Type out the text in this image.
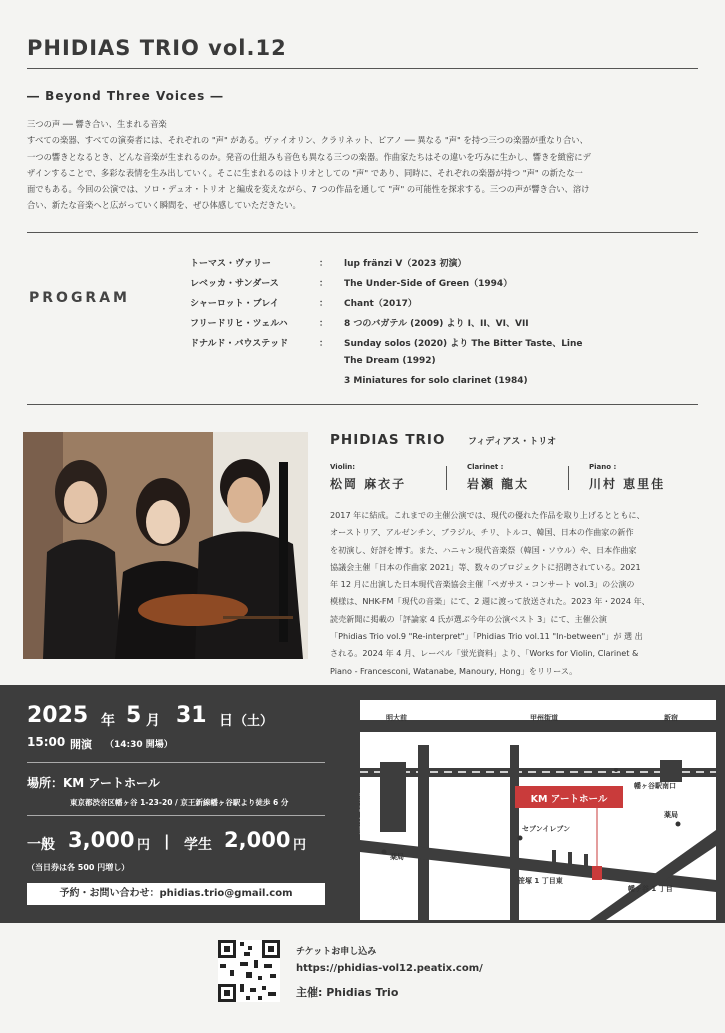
PHIDIAS TRIO vol.12
― Beyond Three Voices ―
三つの声 ── 響き合い、生まれる音楽
すべての楽器、すべての演奏者には、それぞれの "声" がある。ヴァイオリン、クラリネット、ピアノ ── 異なる "声" を持つ三つの楽器が重なり合い、
一つの響きとなるとき、どんな音楽が生まれるのか。発音の仕組みも音色も異なる三つの楽器。作曲家たちはその違いを巧みに生かし、響きを緻密にデ
ザインすることで、多彩な表情を生み出していく。そこに生まれるのはトリオとしての "声" であり、同時に、それぞれの楽器が持つ "声" の新たな一
面でもある。今回の公演では、ソロ・デュオ・トリオ と編成を変えながら、7 つの作品を通して "声" の可能性を探求する。三つの声が響き合い、溶け
合い、新たな音楽へと広がっていく瞬間を、ぜひ体感していただきたい。
PROGRAM
トーマス・ヴァリー	： lup fränzi V（2023 初演）
レベッカ・サンダース	： The Under-Side of Green（1994）
シャーロット・ブレイ	： Chant（2017）
フリードリヒ・ツェルハ	： 8 つのバガテル (2009) より I、II、VI、VII
ドナルド・バウステッド	： Sunday solos (2020) より The Bitter Taste、Line
The Dream (1992)
3 Miniatures for solo clarinet (1984)
PHIDIAS TRIO	フィディアス・トリオ
Violin:
松岡 麻衣子
Clarinet :
岩瀬 龍太
Piano :
川村 恵里佳
2017 年に結成。これまでの主催公演では、現代の優れた作品を取り上げるとともに、
オーストリア、アルゼンチン、ブラジル、チリ、トルコ、韓国、日本の作曲家の新作
を初演し、好評を博す。また、ハニャン現代音楽祭（韓国・ソウル）や、日本作曲家
協議会主催「日本の作曲家 2021」等、数々のプロジェクトに招聘されている。2021
年 12 月に出演した日本現代音楽協会主催「ペガサス・コンサート vol.3」の公演の
模様は、NHK-FM「現代の音楽」にて、2 週に渡って放送された。2023 年・2024 年、
読売新聞に掲載の「評論家 4 氏が選ぶ今年の公演ベスト 3」にて、主催公演
「Phidias Trio vol.9 "Re-interpret"」「Phidias Trio vol.11 "In-between"」が 選 出
される。2024 年 4 月、レーベル「蛍光資料」より、「Works for Violin, Clarinet &
Piano - Francesconi, Watanabe, Manoury, Hong」をリリース。
2025 年 5 月 31 日 （土）
15:00 開演 （14:30 開場）
場所：KM アートホール
東京都渋谷区幡ヶ谷 1-23-20 / 京王新線幡ヶ谷駅より徒歩 6 分
一般 3,000 円 | 学生 2,000 円
（当日券は各 500 円増し）
予約・お問い合わせ：phidias.trio@gmail.com
明大前	甲州街道	新宿
KM アートホール
幡ヶ谷駅南口
セブンイレブン
薬局
薬局
笹塚 1 丁目東
幡ヶ谷 1 丁目
首都高速4号新宿線
チケットお申し込み
https://phidias-vol12.peatix.com/
主催: Phidias Trio
